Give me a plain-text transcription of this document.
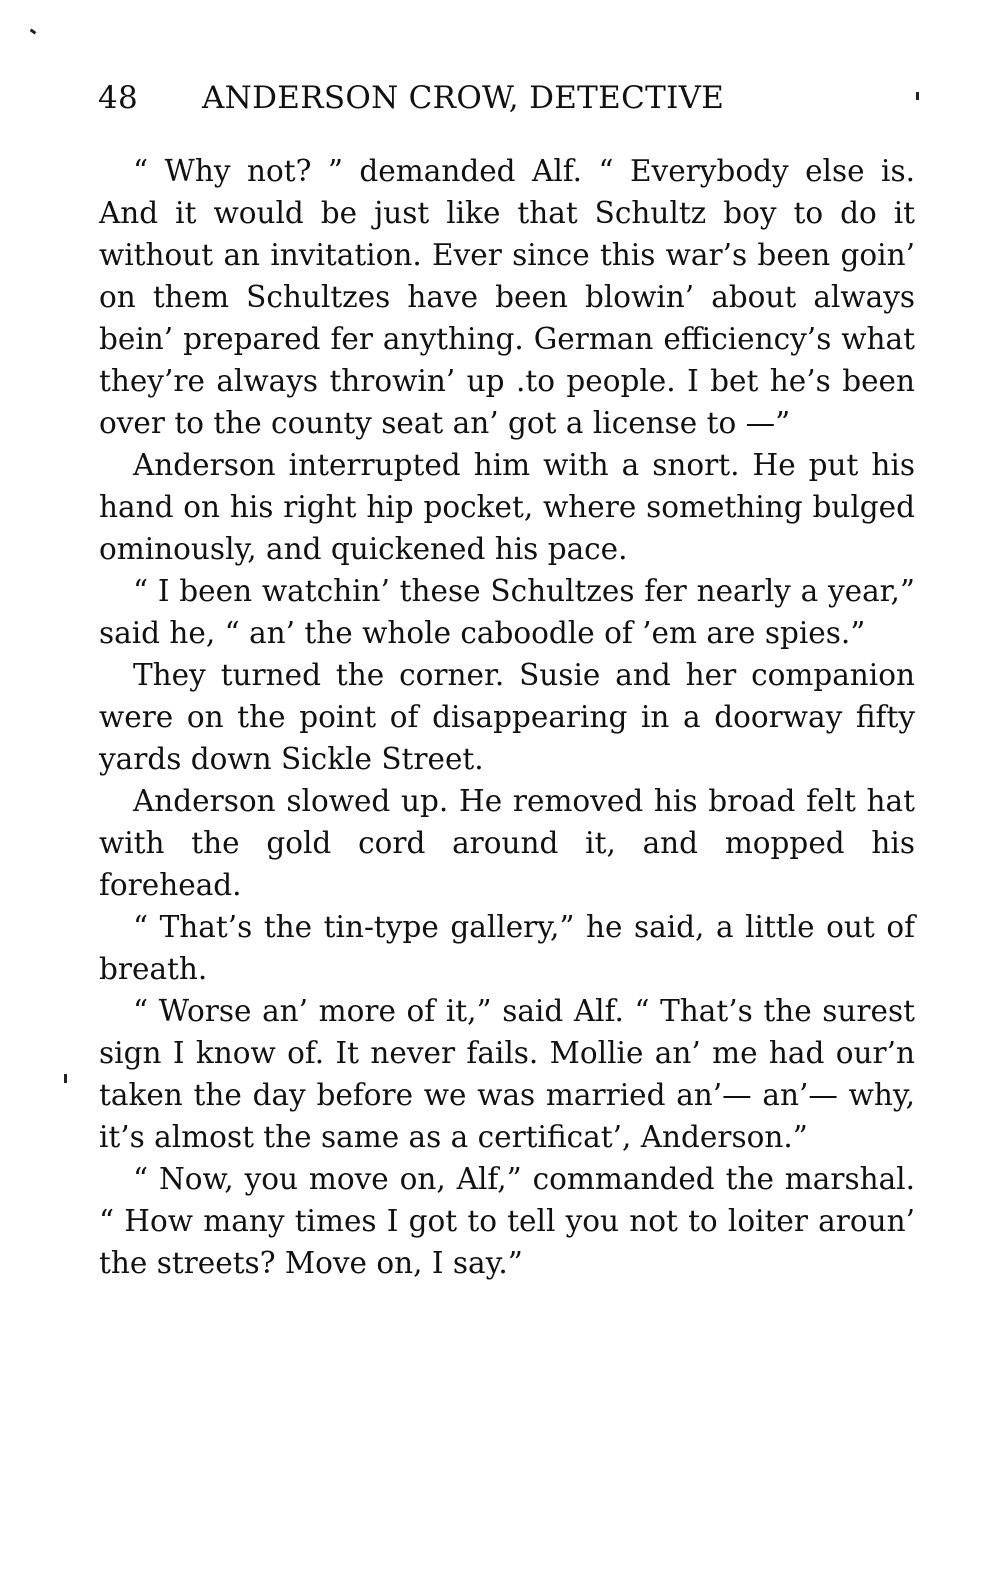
48 ANDERSON CROW, DETECTIVE

“ Why not? ” demanded Alf. “ Everybody else is. And it would be just like that Schultz boy to do it without an invitation. Ever since this war’s been goin’ on them Schultzes have been blowin’ about always bein’ prepared fer anything. German efficiency’s what they’re always throwin’ up .to people. I bet he’s been over to the county seat an’ got a license to —”

Anderson interrupted him with a snort. He put his hand on his right hip pocket, where something bulged ominously, and quickened his pace.

“ I been watchin’ these Schultzes fer nearly a year,” said he, “ an’ the whole caboodle of ’em are spies.”

They turned the corner. Susie and her companion were on the point of disappearing in a doorway fifty yards down Sickle Street.

Anderson slowed up. He removed his broad felt hat with the gold cord around it, and mopped his forehead.

“ That’s the tin-type gallery,” he said, a little out of breath.

“ Worse an’ more of it,” said Alf. “ That’s the surest sign I know of. It never fails. Mollie an’ me had our’n taken the day before we was married an’— an’— why, it’s almost the same as a certificat’, Anderson.”

“ Now, you move on, Alf,” commanded the marshal. “ How many times I got to tell you not to loiter aroun’ the streets? Move on, I say.”
